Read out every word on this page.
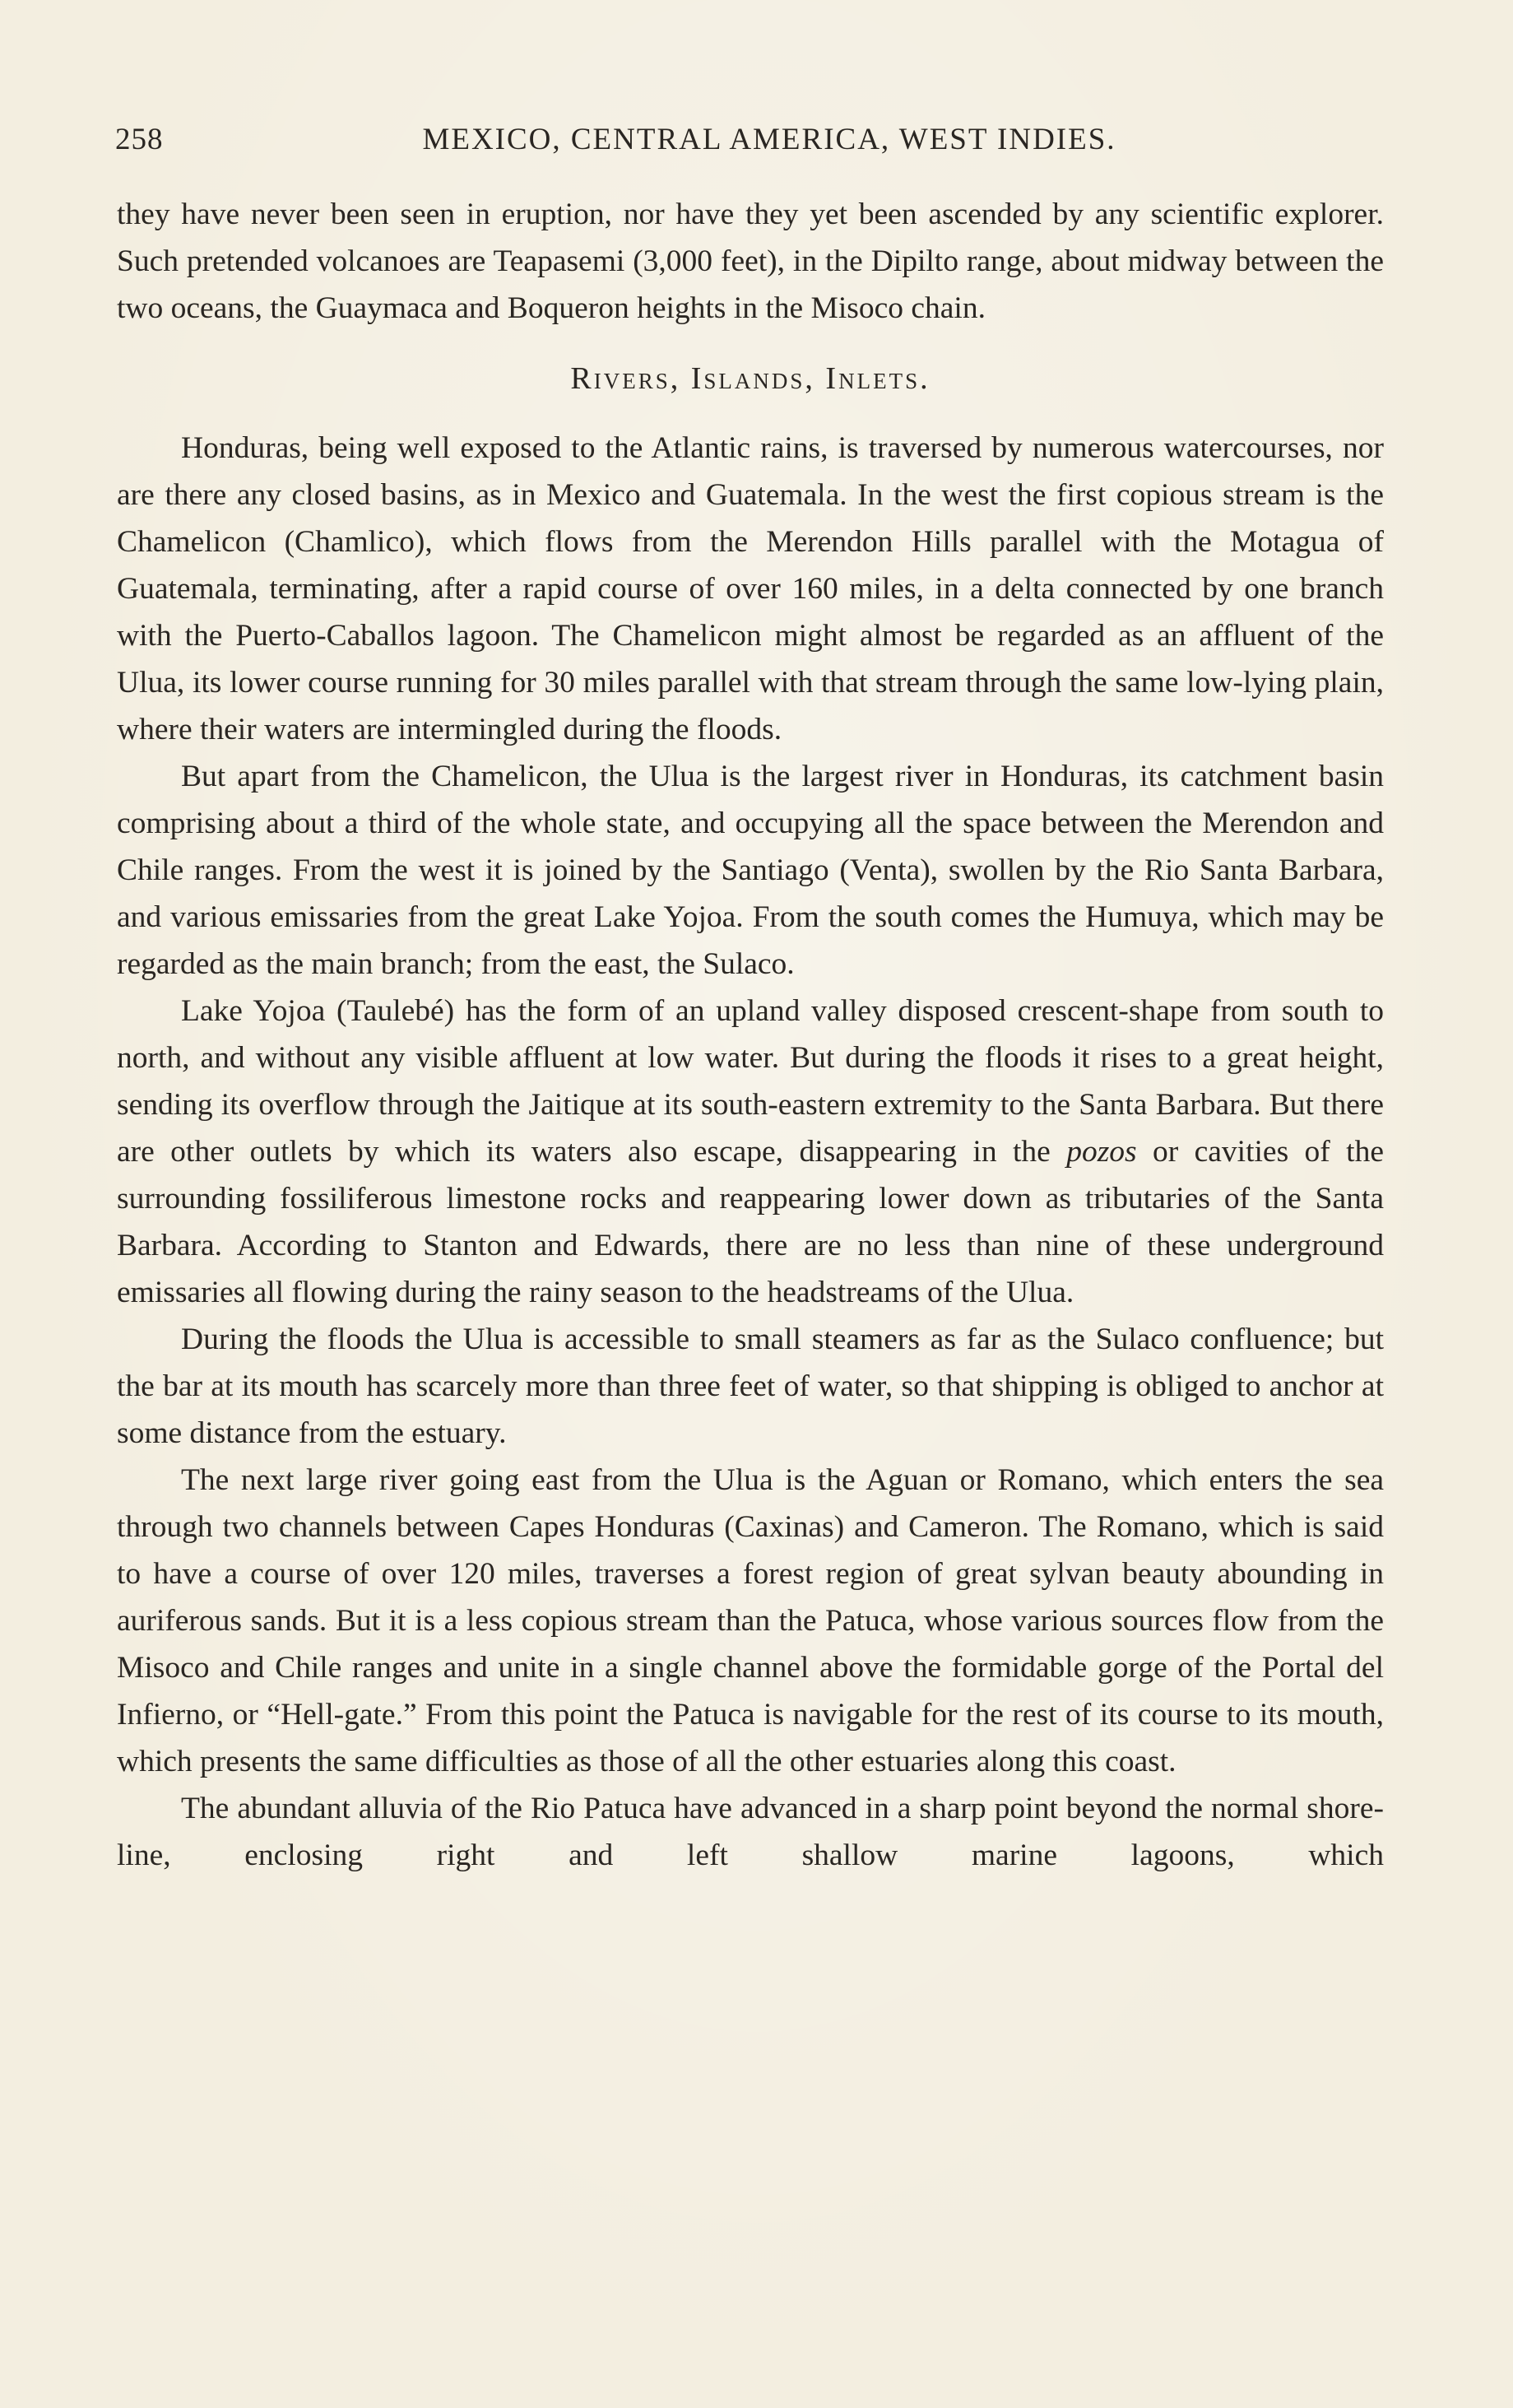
258	MEXICO, CENTRAL AMERICA, WEST INDIES.

they have never been seen in eruption, nor have they yet been ascended by any scientific explorer. Such pretended volcanoes are Teapasemi (3,000 feet), in the Dipilto range, about midway between the two oceans, the Guaymaca and Boqueron heights in the Misoco chain.

Rivers, Islands, Inlets.

Honduras, being well exposed to the Atlantic rains, is traversed by numerous watercourses, nor are there any closed basins, as in Mexico and Guatemala. In the west the first copious stream is the Chamelicon (Chamlico), which flows from the Merendon Hills parallel with the Motagua of Guatemala, terminating, after a rapid course of over 160 miles, in a delta connected by one branch with the Puerto-Caballos lagoon. The Chamelicon might almost be regarded as an affluent of the Ulua, its lower course running for 30 miles parallel with that stream through the same low-lying plain, where their waters are intermingled during the floods.

But apart from the Chamelicon, the Ulua is the largest river in Honduras, its catchment basin comprising about a third of the whole state, and occupying all the space between the Merendon and Chile ranges. From the west it is joined by the Santiago (Venta), swollen by the Rio Santa Barbara, and various emissaries from the great Lake Yojoa. From the south comes the Humuya, which may be regarded as the main branch; from the east, the Sulaco.

Lake Yojoa (Taulebé) has the form of an upland valley disposed crescent-shape from south to north, and without any visible affluent at low water. But during the floods it rises to a great height, sending its overflow through the Jaitique at its south-eastern extremity to the Santa Barbara. But there are other outlets by which its waters also escape, disappearing in the pozos or cavities of the surrounding fossiliferous limestone rocks and reappearing lower down as tributaries of the Santa Barbara. According to Stanton and Edwards, there are no less than nine of these underground emissaries all flowing during the rainy season to the headstreams of the Ulua.

During the floods the Ulua is accessible to small steamers as far as the Sulaco confluence; but the bar at its mouth has scarcely more than three feet of water, so that shipping is obliged to anchor at some distance from the estuary.

The next large river going east from the Ulua is the Aguan or Romano, which enters the sea through two channels between Capes Honduras (Caxinas) and Cameron. The Romano, which is said to have a course of over 120 miles, traverses a forest region of great sylvan beauty abounding in auriferous sands. But it is a less copious stream than the Patuca, whose various sources flow from the Misoco and Chile ranges and unite in a single channel above the formidable gorge of the Portal del Infierno, or “Hell-gate.” From this point the Patuca is navigable for the rest of its course to its mouth, which presents the same difficulties as those of all the other estuaries along this coast.

The abundant alluvia of the Rio Patuca have advanced in a sharp point beyond the normal shore-line, enclosing right and left shallow marine lagoons, which
